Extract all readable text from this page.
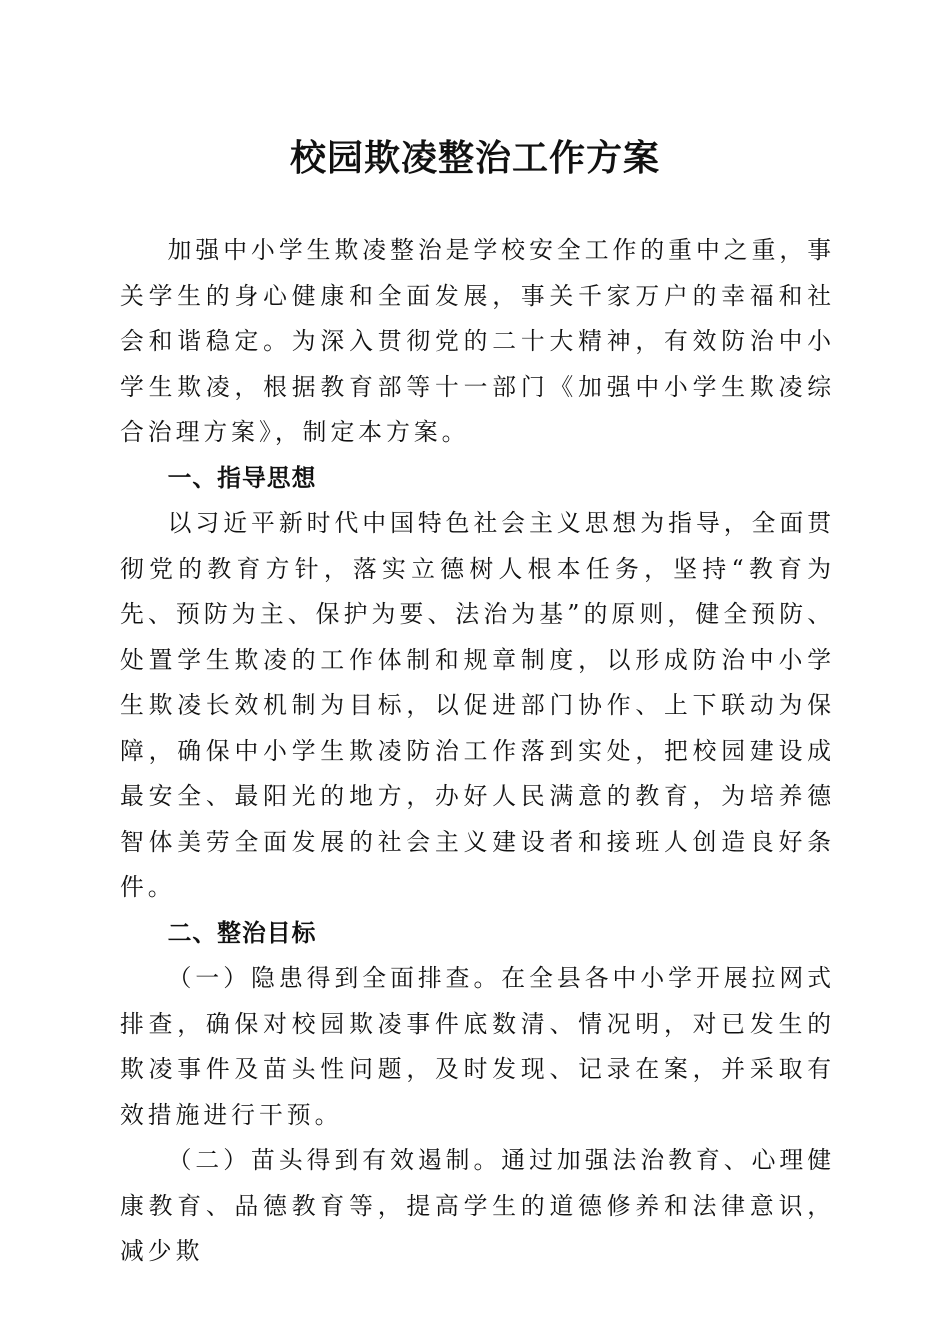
校园欺凌整治工作方案

加强中小学生欺凌整治是学校安全工作的重中之重，事关学生的身心健康和全面发展，事关千家万户的幸福和社会和谐稳定。为深入贯彻党的二十大精神，有效防治中小学生欺凌，根据教育部等十一部门《加强中小学生欺凌综合治理方案》，制定本方案。

一、指导思想

以习近平新时代中国特色社会主义思想为指导，全面贯彻党的教育方针，落实立德树人根本任务，坚持“教育为先、预防为主、保护为要、法治为基”的原则，健全预防、处置学生欺凌的工作体制和规章制度，以形成防治中小学生欺凌长效机制为目标，以促进部门协作、上下联动为保障，确保中小学生欺凌防治工作落到实处，把校园建设成最安全、最阳光的地方，办好人民满意的教育，为培养德智体美劳全面发展的社会主义建设者和接班人创造良好条件。

二、整治目标

（一）隐患得到全面排查。在全县各中小学开展拉网式排查，确保对校园欺凌事件底数清、情况明，对已发生的欺凌事件及苗头性问题，及时发现、记录在案，并采取有效措施进行干预。

（二）苗头得到有效遏制。通过加强法治教育、心理健康教育、品德教育等，提高学生的道德修养和法律意识，减少欺
